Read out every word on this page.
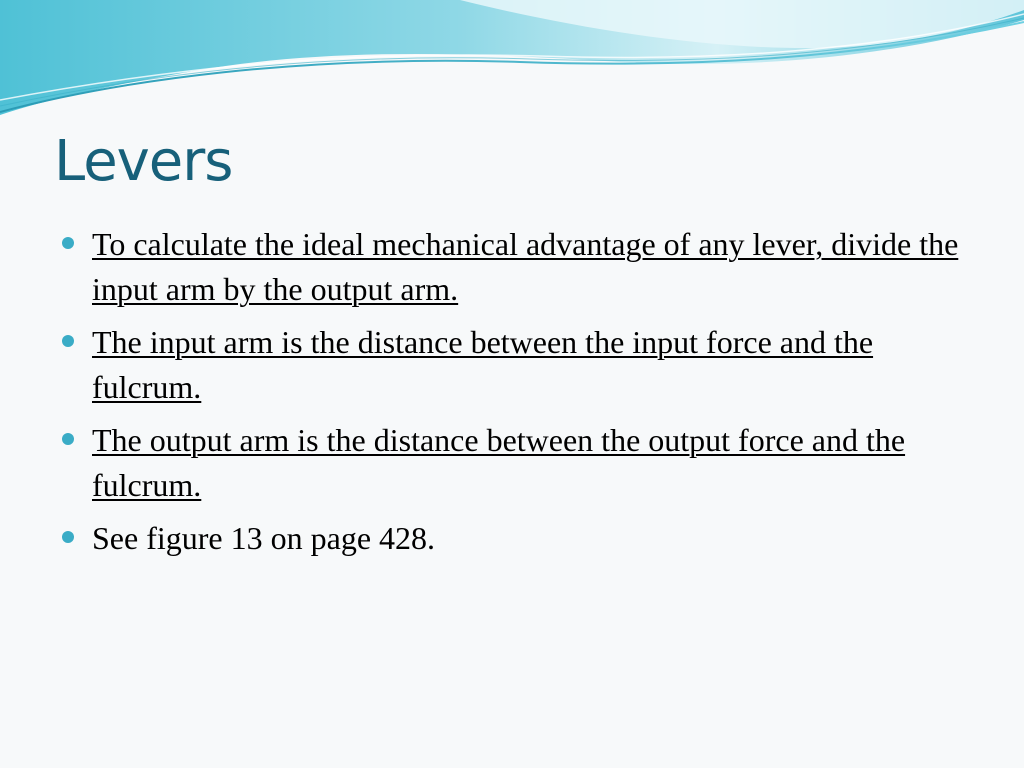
Levers
To calculate the ideal mechanical advantage of any lever, divide the input arm by the output arm.
The input arm is the distance between the input force and the fulcrum.
The output arm is the distance between the output force and the fulcrum.
See figure 13 on page 428.
